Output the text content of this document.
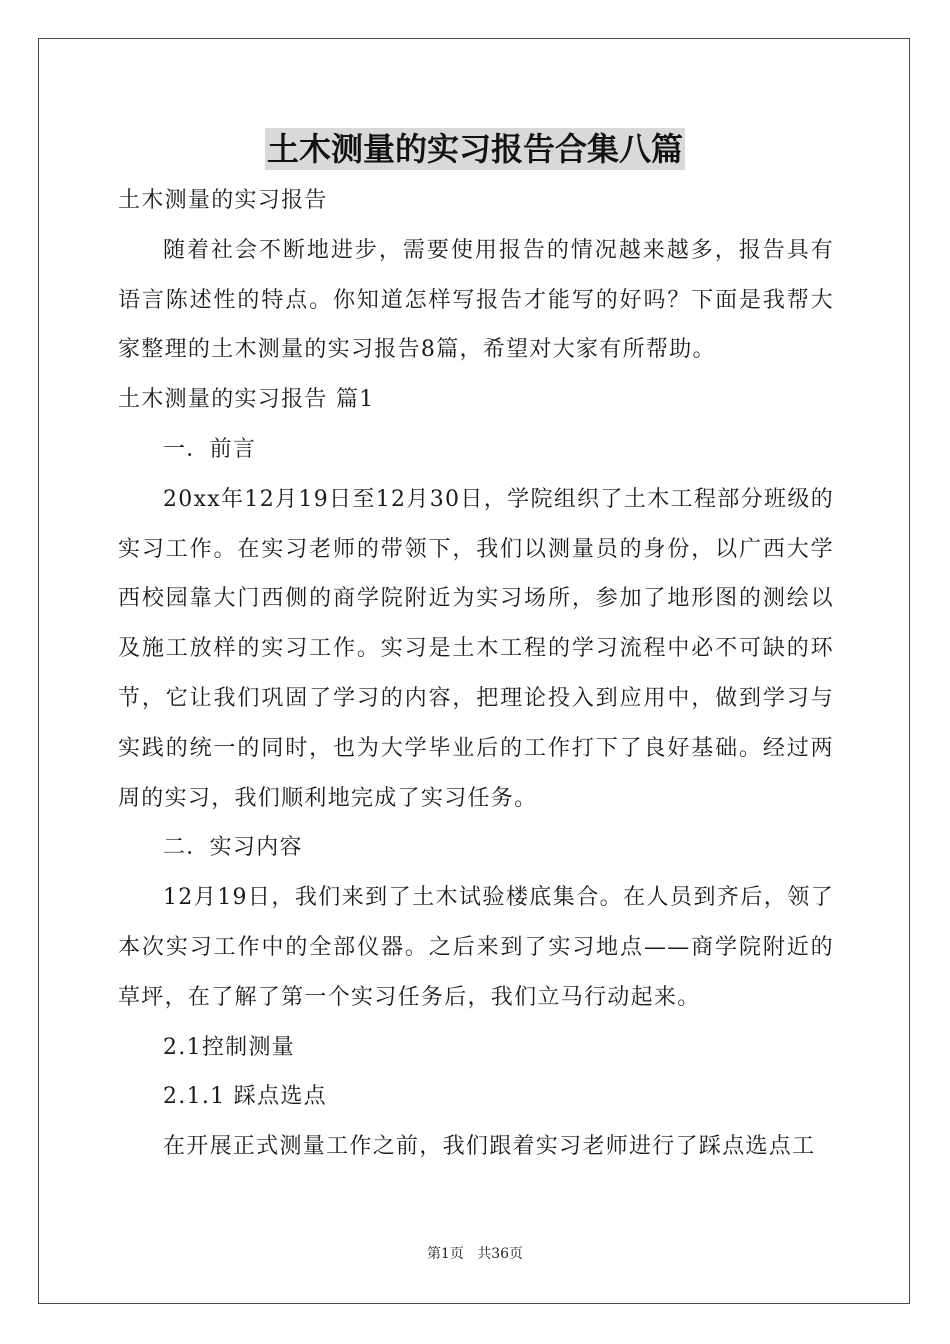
土木测量的实习报告合集八篇

土木测量的实习报告

随着社会不断地进步，需要使用报告的情况越来越多，报告具有语言陈述性的特点。你知道怎样写报告才能写的好吗？下面是我帮大家整理的土木测量的实习报告8篇，希望对大家有所帮助。

土木测量的实习报告 篇1

一．前言

20xx年12月19日至12月30日，学院组织了土木工程部分班级的实习工作。在实习老师的带领下，我们以测量员的身份，以广西大学西校园靠大门西侧的商学院附近为实习场所，参加了地形图的测绘以及施工放样的实习工作。实习是土木工程的学习流程中必不可缺的环节，它让我们巩固了学习的内容，把理论投入到应用中，做到学习与实践的统一的同时，也为大学毕业后的工作打下了良好基础。经过两周的实习，我们顺利地完成了实习任务。

二．实习内容

12月19日，我们来到了土木试验楼底集合。在人员到齐后，领了本次实习工作中的全部仪器。之后来到了实习地点——商学院附近的草坪，在了解了第一个实习任务后，我们立马行动起来。

2.1控制测量

2.1.1 踩点选点

在开展正式测量工作之前，我们跟着实习老师进行了踩点选点工

第1页 共36页
